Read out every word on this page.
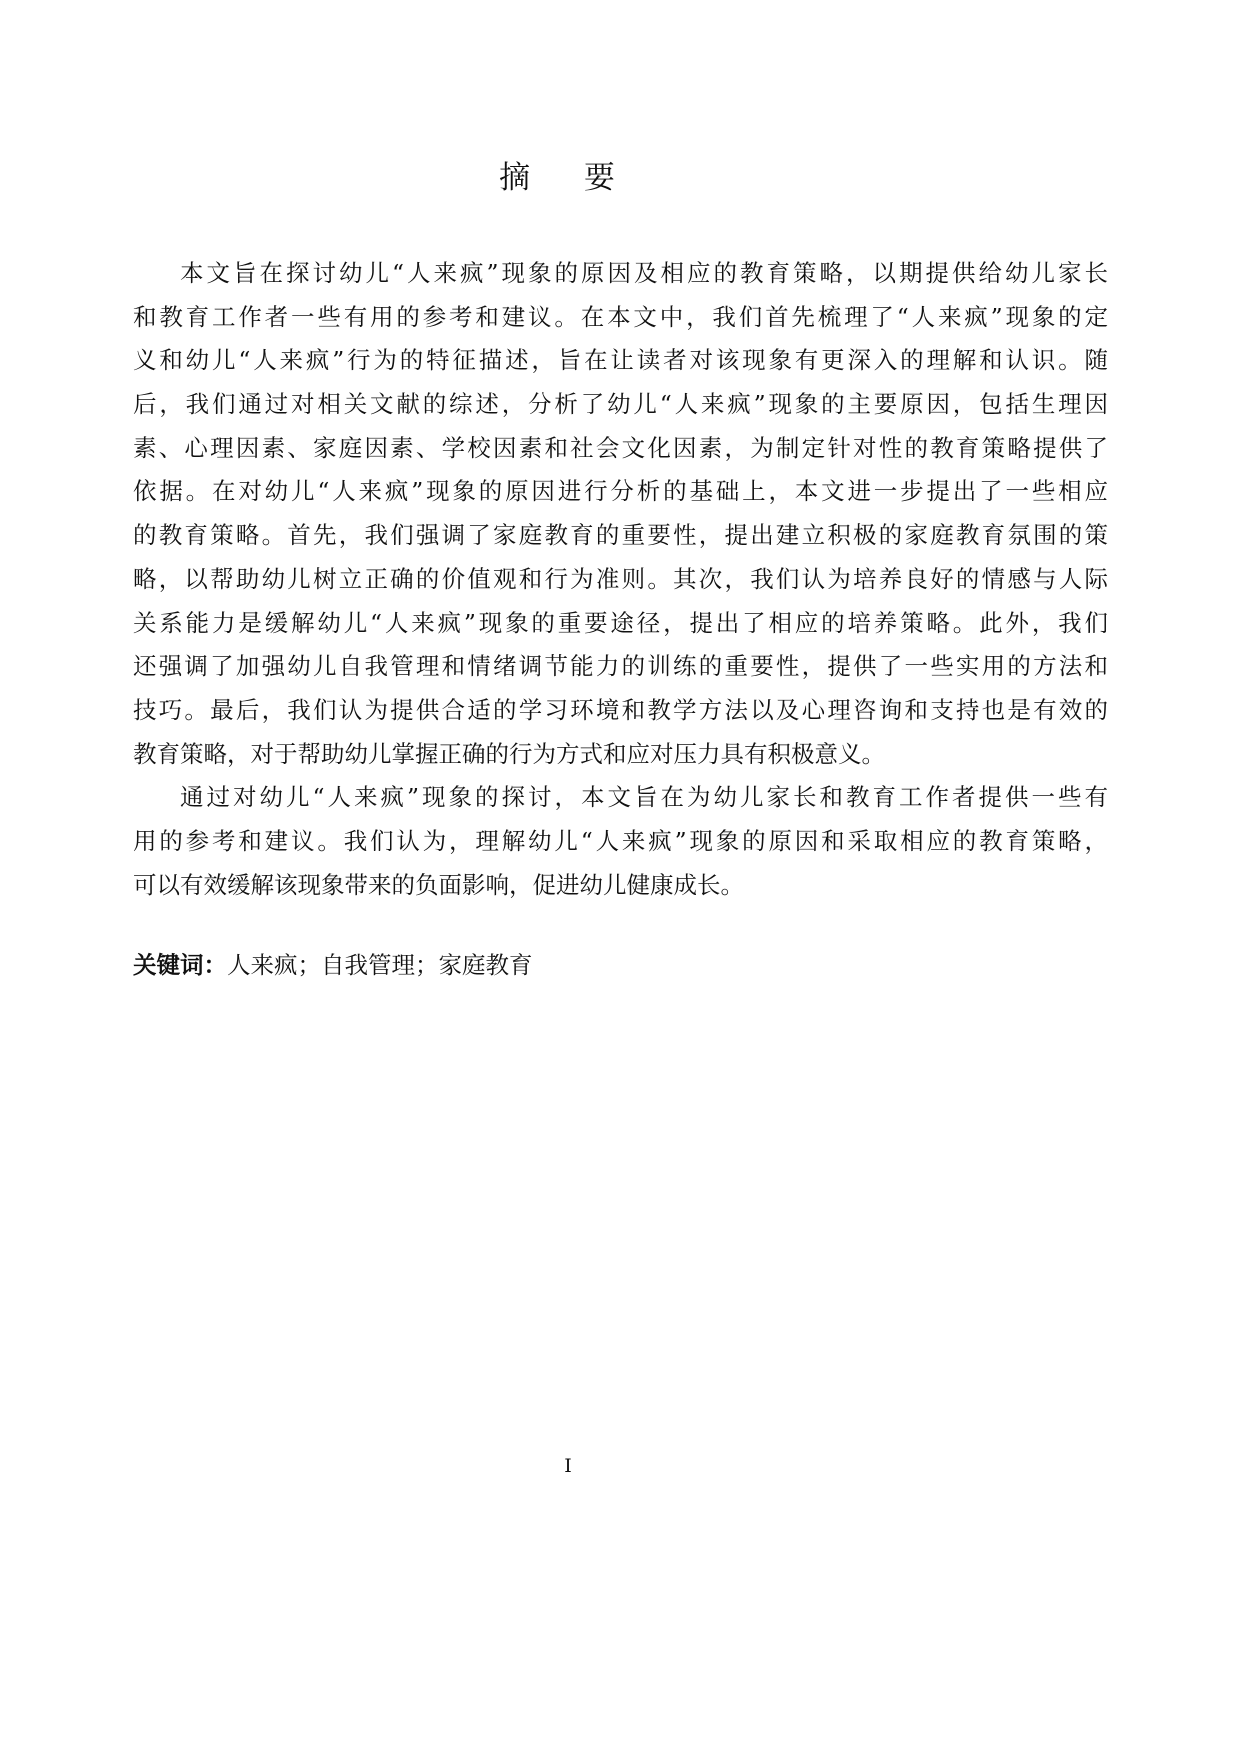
摘 要
本文旨在探讨幼儿“人来疯”现象的原因及相应的教育策略，以期提供给幼儿家长
和教育工作者一些有用的参考和建议。在本文中，我们首先梳理了“人来疯”现象的定
义和幼儿“人来疯”行为的特征描述，旨在让读者对该现象有更深入的理解和认识。随
后，我们通过对相关文献的综述，分析了幼儿“人来疯”现象的主要原因，包括生理因
素、心理因素、家庭因素、学校因素和社会文化因素，为制定针对性的教育策略提供了
依据。在对幼儿“人来疯”现象的原因进行分析的基础上，本文进一步提出了一些相应
的教育策略。首先，我们强调了家庭教育的重要性，提出建立积极的家庭教育氛围的策
略，以帮助幼儿树立正确的价值观和行为准则。其次，我们认为培养良好的情感与人际
关系能力是缓解幼儿“人来疯”现象的重要途径，提出了相应的培养策略。此外，我们
还强调了加强幼儿自我管理和情绪调节能力的训练的重要性，提供了一些实用的方法和
技巧。最后，我们认为提供合适的学习环境和教学方法以及心理咨询和支持也是有效的
教育策略，对于帮助幼儿掌握正确的行为方式和应对压力具有积极意义。
通过对幼儿“人来疯”现象的探讨，本文旨在为幼儿家长和教育工作者提供一些有
用的参考和建议。我们认为，理解幼儿“人来疯”现象的原因和采取相应的教育策略，
可以有效缓解该现象带来的负面影响，促进幼儿健康成长。
关键词：人来疯；自我管理；家庭教育
I
